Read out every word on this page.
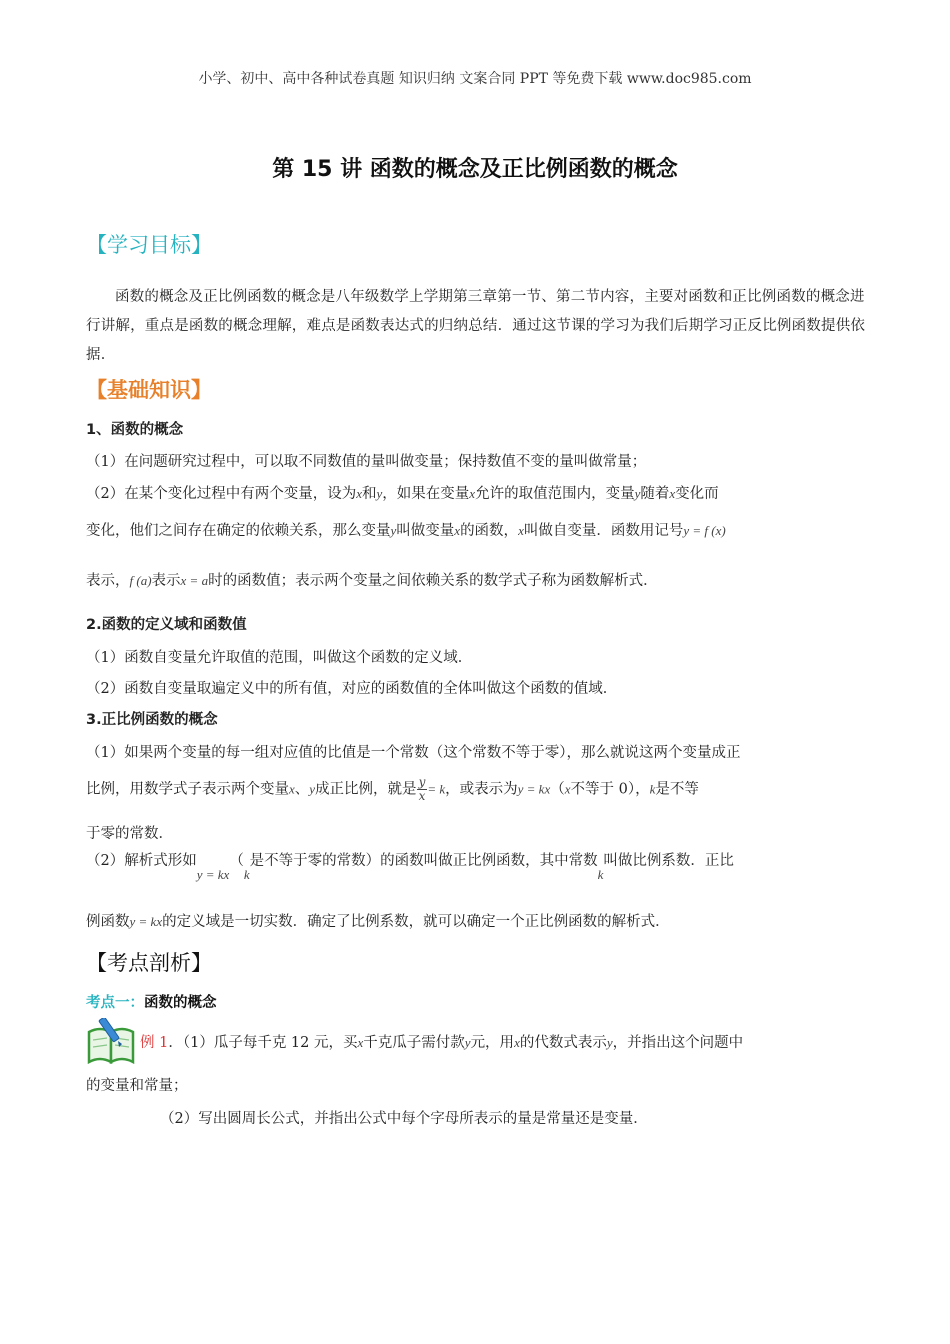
小学、初中、高中各种试卷真题 知识归纳 文案合同 PPT 等免费下载 www.doc985.com
第 15 讲 函数的概念及正比例函数的概念
【学习目标】
函数的概念及正比例函数的概念是八年级数学上学期第三章第一节、第二节内容，主要对函数和正比例函数的概念进行讲解，重点是函数的概念理解，难点是函数表达式的归纳总结．通过这节课的学习为我们后期学习正反比例函数提供依据．
【基础知识】
1、函数的概念
（1）在问题研究过程中，可以取不同数值的量叫做变量；保持数值不变的量叫做常量；
（2）在某个变化过程中有两个变量，设为x和y，如果在变量x允许的取值范围内，变量y随着x变化而
变化，他们之间存在确定的依赖关系，那么变量y叫做变量x的函数，x叫做自变量．函数用记号y = f (x)
表示，f (a)表示x = a时的函数值；表示两个变量之间依赖关系的数学式子称为函数解析式．
2.函数的定义域和函数值
（1）函数自变量允许取值的范围，叫做这个函数的定义域．
（2）函数自变量取遍定义中的所有值，对应的函数值的全体叫做这个函数的值域．
3.正比例函数的概念
（1）如果两个变量的每一组对应值的比值是一个常数（这个常数不等于零），那么就说这两个变量成正
比例，用数学式子表示两个变量x、y成正比例，就是 $\frac{y}{x} = k$，或表示为y = kx（x不等于 0），k是不等
于零的常数．
（2）解析式形如y = kx（k是不等于零的常数）的函数叫做正比例函数，其中常数k叫做比例系数．正比
例函数y = kx的定义域是一切实数．确定了比例系数，就可以确定一个正比例函数的解析式．
【考点剖析】
考点一：函数的概念
例 1．（1）瓜子每千克 12 元，买x千克瓜子需付款y元，用x的代数式表示y，并指出这个问题中
的变量和常量；
（2）写出圆周长公式，并指出公式中每个字母所表示的量是常量还是变量．
